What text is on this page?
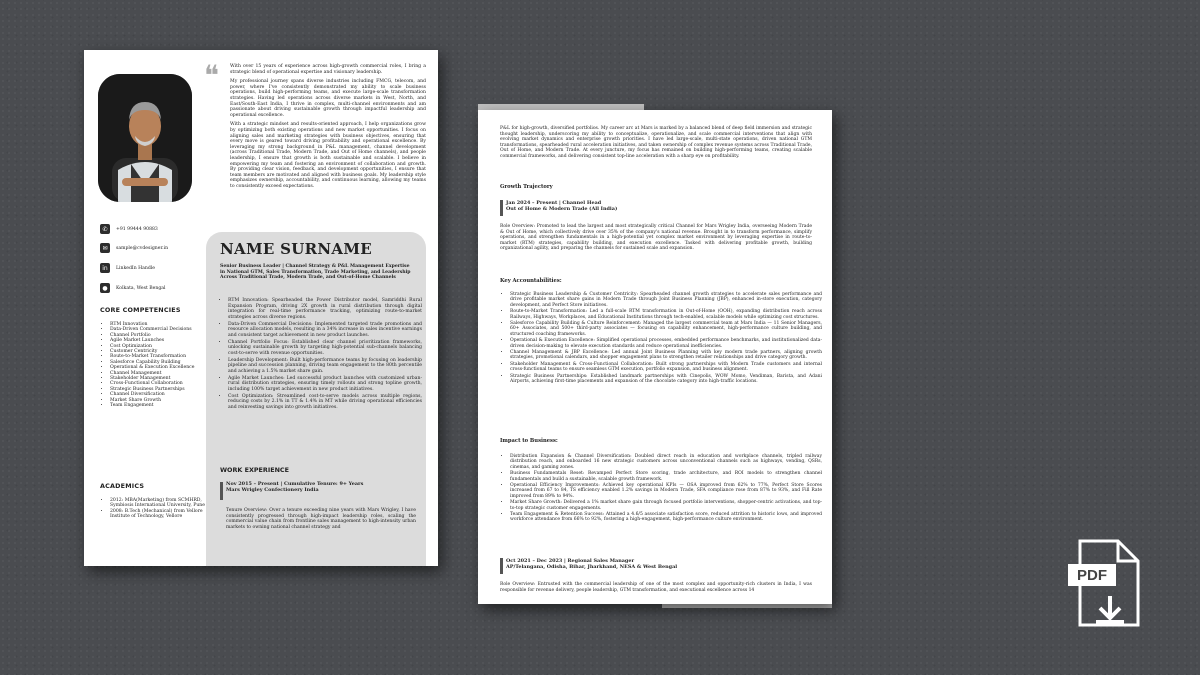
❝ With over 15 years of experience across high-growth commercial roles, I bring a strategic blend of operational expertise and visionary leadership.

My professional journey spans diverse industries including FMCG, telecom, and power, where I've consistently demonstrated my ability to scale business operations, build high-performing teams, and execute large-scale transformation strategies. Having led operations across diverse markets in West, North, and East/South-East India, I thrive in complex, multi-channel environments and am passionate about driving sustainable growth through impactful leadership and operational excellence.

With a strategic mindset and results-oriented approach, I help organizations grow by optimizing both existing operations and new market opportunities. I focus on aligning sales and marketing strategies with business objectives, ensuring that every move is geared toward driving profitability and operational excellence. By leveraging my strong background in P&L management, channel development (across Traditional Trade, Modern Trade, and Out of Home channels), and people leadership, I ensure that growth is both sustainable and scalable. I believe in empowering my team and fostering an environment of collaboration and growth. By providing clear vision, feedback, and development opportunities, I ensure that team members are motivated and aligned with business goals. My leadership style emphasizes ownership, accountability, and continuous learning, allowing my teams to consistently exceed expectations.

✆	+91 99444 90883
✉	sample@cvdesigner.in
in	LinkedIn Handle
●	Kolkata, West Bengal
CORE COMPETENCIES
• RTM Innovation
• Data-Driven Commercial Decisions
• Channel Portfolio
• Agile Market Launches
• Cost Optimization
• Customer Centricity
• Route-to-Market Transformation
• Salesforce Capability Building
• Operational & Execution Excellence
• Channel Management
• Stakeholder Management
• Cross-Functional Collaboration
• Strategic Business Partnerships
• Channel Diversification
• Market Share Growth
• Team Engagement
ACADEMICS
• 2012: MBA(Marketing) from SCMHRD, Symbiosis International University, Pune
• 2008: B.Tech (Mechanical) from Vellore Institute of Technology, Vellore
NAME SURNAME
Senior Business Leader | Channel Strategy & P&L Management Expertise in National GTM, Sales Transformation, Trade Marketing, and Leadership Across Traditional Trade, Modern Trade, and Out-of-Home Channels
• RTM Innovation: Spearheaded the Power Distributor model, Samriddhi Rural Expansion Program, driving 2X growth in rural distribution through digital integration for real-time performance tracking, optimizing route-to-market strategies across diverse regions.
• Data-Driven Commercial Decisions: Implemented targeted trade promotions and resource allocation models, resulting in a 34% increase in sales incentive earnings and consistent target achievement in new product launches.
• Channel Portfolio Focus: Established clear channel prioritization frameworks, unlocking sustainable growth by targeting high-potential sub-channels balancing cost-to-serve with revenue opportunities.
• Leadership Development: Built high-performance teams by focusing on leadership pipeline and succession planning, driving team engagement to the 80th percentile and achieving a 1.5% market share gain.
• Agile Market Launches: Led successful product launches with customized urban-rural distribution strategies, ensuring timely rollouts and strong topline growth, including 100% target achievement in new product initiatives.
• Cost Optimization: Streamlined cost-to-serve models across multiple regions, reducing costs by 2.1% in TT & 1.4% in MT while driving operational efficiencies and reinvesting savings into growth initiatives.
WORK EXPERIENCE
Nov 2015 – Present | Cumulative Tenure: 9+ Years
Mars Wrigley Confectionery India
Tenure Overview: Over a tenure exceeding nine years with Mars Wrigley, I have consistently progressed through high-impact leadership roles, scaling the commercial value chain from frontline sales management to high-intensity urban markets to owning national channel strategy and
P&L for high-growth, diversified portfolios. My career arc at Mars is marked by a balanced blend of deep field immersion and strategic thought leadership, underscoring my ability to conceptualize, operationalize, and scale commercial interventions that align with evolving market dynamics and enterprise growth priorities. I have led large-scale, multi-state operations, driven national GTM transformations, spearheaded rural acceleration initiatives, and taken ownership of complex revenue systems across Traditional Trade, Out of Home, and Modern Trade. At every juncture, my focus has remained on building high-performing teams, creating scalable commercial frameworks, and delivering consistent top-line acceleration with a sharp eye on profitability.
Growth Trajectory
Jan 2024 – Present | Channel Head
Out of Home & Modern Trade (All India)
Role Overview: Promoted to lead the largest and most strategically critical Channel for Mars Wrigley India, overseeing Modern Trade & Out of Home, which collectively drive over 35% of the company's national revenue. Brought in to transform performance, simplify operations, and strengthen fundamentals in a high-potential yet complex market environment by leveraging expertise in route-to-market (RTM) strategies, capability building, and execution excellence. Tasked with delivering profitable growth, building organizational agility, and preparing the channels for sustained scale and expansion.
Key Accountabilities:
• Strategic Business Leadership & Customer Centricity: Spearheaded channel growth strategies to accelerate sales performance and drive profitable market share gains in Modern Trade through Joint Business Planning (JBP), enhanced in-store execution, category development, and Perfect Store initiatives.
• Route-to-Market Transformation: Led a full-scale RTM transformation in Out-of-Home (OOH), expanding distribution reach across Railways, Highways, Workplaces, and Educational Institutions through tech-enabled, scalable models while optimizing cost structures.
• Salesforce Capability Building & Culture Reinforcement: Managed the largest commercial team at Mars India — 11 Senior Managers, 60+ Associates, and 500+ third-party associates — focusing on capability enhancement, high-performance culture building, and structured coaching frameworks.
• Operational & Execution Excellence: Simplified operational processes, embedded performance benchmarks, and institutionalized data-driven decision-making to elevate execution standards and reduce operational inefficiencies.
• Channel Management & JBP Excellence: Led annual Joint Business Planning with key modern trade partners, aligning growth strategies, promotional calendars, and shopper engagement plans to strengthen retailer relationships and drive category growth.
• Stakeholder Management & Cross-Functional Collaboration: Built strong partnerships with Modern Trade customers and internal cross-functional teams to ensure seamless GTM execution, portfolio expansion, and business alignment.
• Strategic Business Partnerships: Established landmark partnerships with Cinepolis, WOW Momo, Vendiman, Barista, and Adani Airports, achieving first-time placements and expansion of the chocolate category into high-traffic locations.
Impact to Business:
• Distribution Expansion & Channel Diversification: Doubled direct reach in education and workplace channels, tripled railway distribution reach, and onboarded 16 new strategic customers across unconventional channels such as highways, vending, QSRs, cinemas, and gaming zones.
• Business Fundamentals Reset: Revamped Perfect Store scoring, trade architecture, and ROI models to strengthen channel fundamentals and build a sustainable, scalable growth framework.
• Operational Efficiency Improvements: Achieved key operational KPIs — OSA improved from 62% to 77%, Perfect Store Scores increased from 67 to 84, TS efficiency enabled 1.2% savings in Modern Trade, SFA compliance rose from 87% to 93%, and Fill Rate improved from 89% to 94%.
• Market Share Growth: Delivered a 1% market share gain through focused portfolio interventions, shopper-centric activations, and top-to-top strategic customer engagements.
• Team Engagement & Retention Success: Attained a 4.6/5 associate satisfaction score, reduced attrition to historic lows, and improved workforce attendance from 66% to 92%, fostering a high-engagement, high-performance culture environment.
Oct 2021 – Dec 2023 | Regional Sales Manager
AP/Telangana, Odisha, Bihar, Jharkhand, NESA & West Bengal
Role Overview: Entrusted with the commercial leadership of one of the most complex and opportunity-rich clusters in India, I was responsible for revenue delivery, people leadership, GTM transformation, and executional excellence across 14
PDF
